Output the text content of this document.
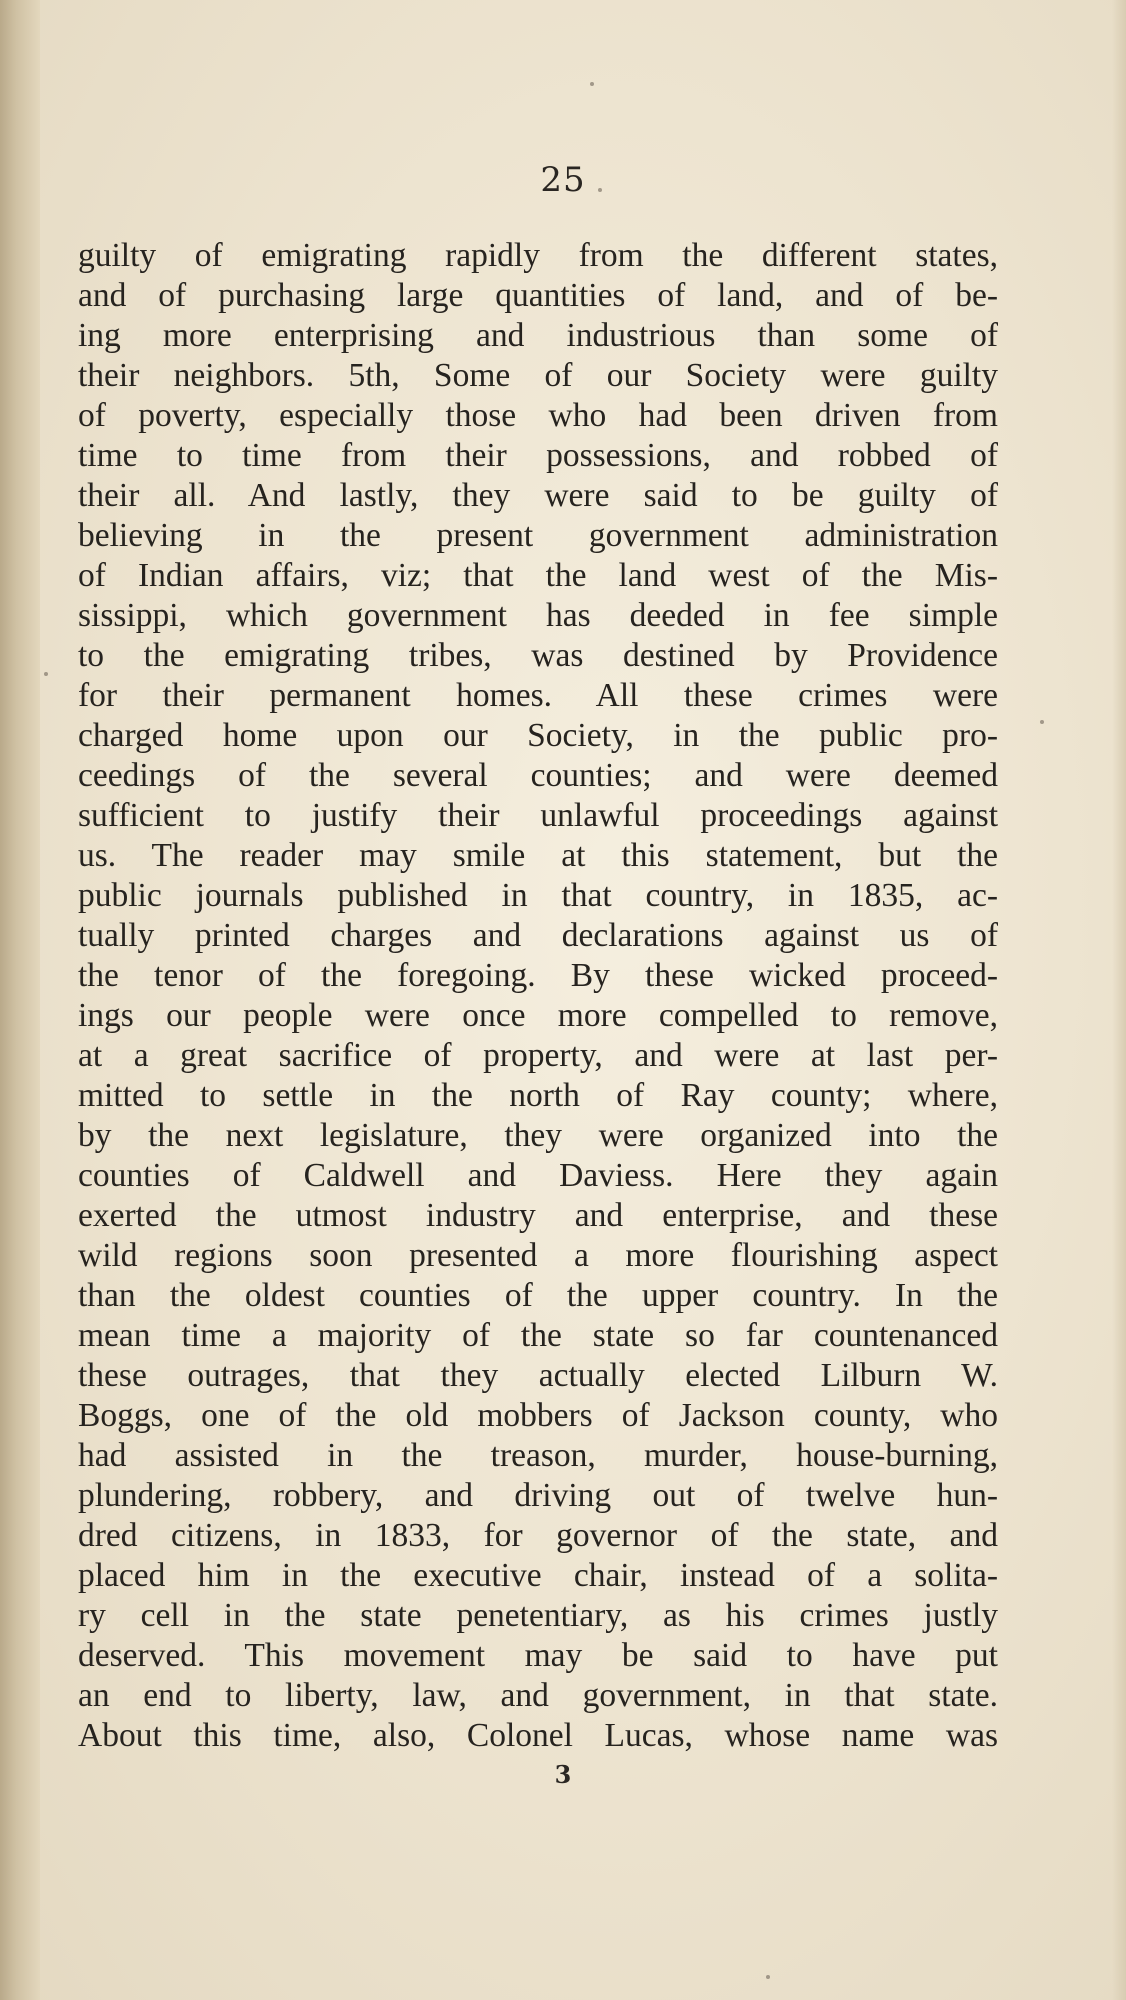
25
guilty of emigrating rapidly from the different states,
and of purchasing large quantities of land, and of be-
ing more enterprising and industrious than some of
their neighbors. 5th, Some of our Society were guilty
of poverty, especially those who had been driven from
time to time from their possessions, and robbed of
their all. And lastly, they were said to be guilty of
believing in the present government administration
of Indian affairs, viz; that the land west of the Mis-
sissippi, which government has deeded in fee simple
to the emigrating tribes, was destined by Providence
for their permanent homes. All these crimes were
charged home upon our Society, in the public pro-
ceedings of the several counties; and were deemed
sufficient to justify their unlawful proceedings against
us. The reader may smile at this statement, but the
public journals published in that country, in 1835, ac-
tually printed charges and declarations against us of
the tenor of the foregoing. By these wicked proceed-
ings our people were once more compelled to remove,
at a great sacrifice of property, and were at last per-
mitted to settle in the north of Ray county; where,
by the next legislature, they were organized into the
counties of Caldwell and Daviess. Here they again
exerted the utmost industry and enterprise, and these
wild regions soon presented a more flourishing aspect
than the oldest counties of the upper country. In the
mean time a majority of the state so far countenanced
these outrages, that they actually elected Lilburn W.
Boggs, one of the old mobbers of Jackson county, who
had assisted in the treason, murder, house-burning,
plundering, robbery, and driving out of twelve hun-
dred citizens, in 1833, for governor of the state, and
placed him in the executive chair, instead of a solita-
ry cell in the state penetentiary, as his crimes justly
deserved. This movement may be said to have put
an end to liberty, law, and government, in that state.
About this time, also, Colonel Lucas, whose name was
3
